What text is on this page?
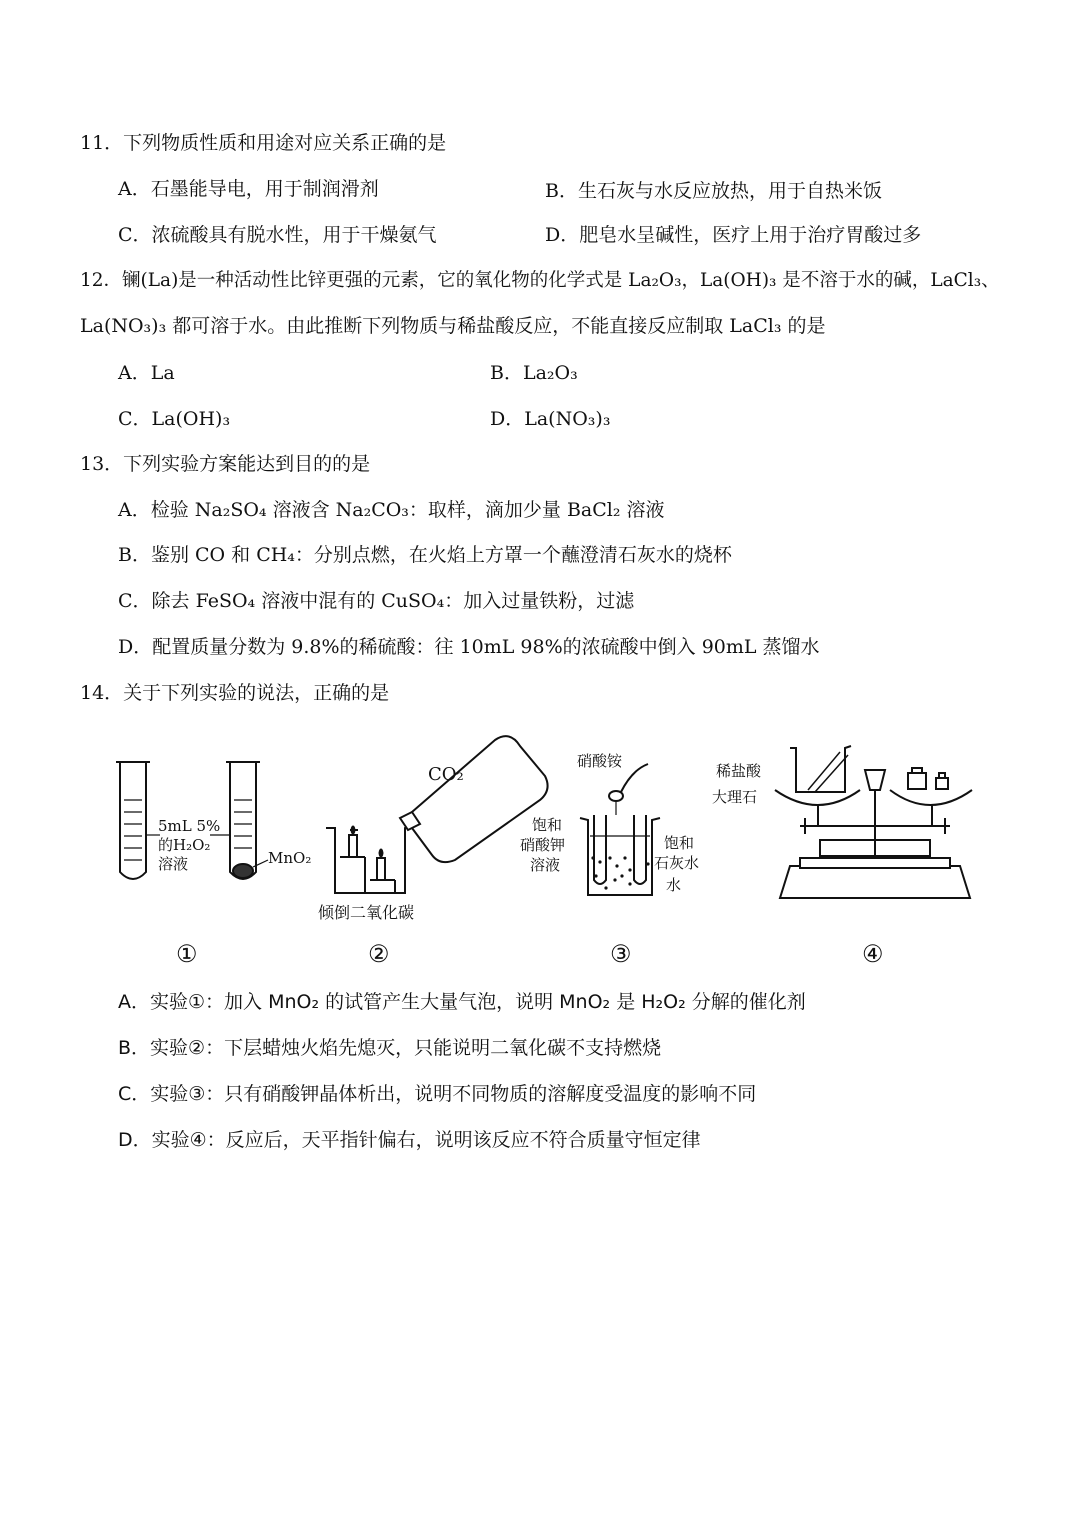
11．下列物质性质和用途对应关系正确的是
A．石墨能导电，用于制润滑剂	B．生石灰与水反应放热，用于自热米饭
C．浓硫酸具有脱水性，用于干燥氨气	D．肥皂水呈碱性，医疗上用于治疗胃酸过多
12．镧(La)是一种活动性比锌更强的元素，它的氧化物的化学式是 La₂O₃，La(OH)₃ 是不溶于水的碱，LaCl₃、
La(NO₃)₃ 都可溶于水。由此推断下列物质与稀盐酸反应，不能直接反应制取 LaCl₃ 的是
A．La	B．La₂O₃
C．La(OH)₃	D．La(NO₃)₃
13．下列实验方案能达到目的的是
A．检验 Na₂SO₄ 溶液含 Na₂CO₃：取样，滴加少量 BaCl₂ 溶液
B．鉴别 CO 和 CH₄：分别点燃，在火焰上方罩一个蘸澄清石灰水的烧杯
C．除去 FeSO₄ 溶液中混有的 CuSO₄：加入过量铁粉，过滤
D．配置质量分数为 9.8%的稀硫酸：往 10mL 98%的浓硫酸中倒入 90mL 蒸馏水
14．关于下列实验的说法，正确的是
5mL 5%
的H₂O₂
溶液	MnO₂
CO₂
倾倒二氧化碳
硝酸铵
饱和
硝酸钾
溶液
饱和
石灰水
水
稀盐酸
大理石
①	②	③	④
A．实验①：加入 MnO₂ 的试管产生大量气泡，说明 MnO₂ 是 H₂O₂ 分解的催化剂
B．实验②：下层蜡烛火焰先熄灭，只能说明二氧化碳不支持燃烧
C．实验③：只有硝酸钾晶体析出，说明不同物质的溶解度受温度的影响不同
D．实验④：反应后，天平指针偏右，说明该反应不符合质量守恒定律
